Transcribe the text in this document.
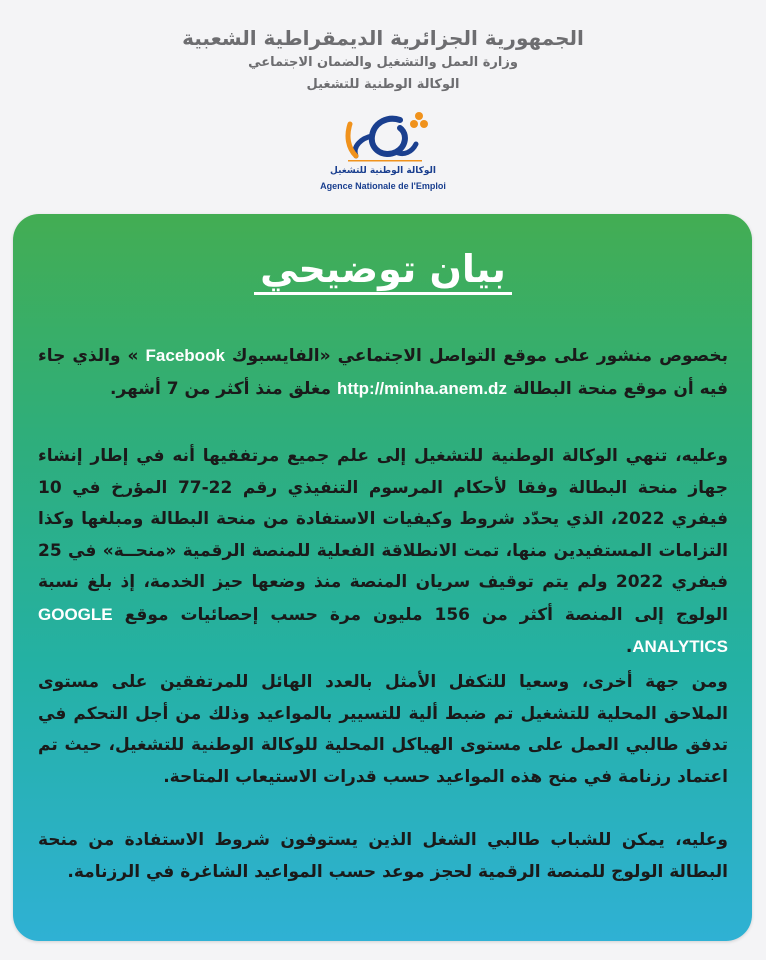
الجمهورية الجزائرية الديمقراطية الشعبية
وزارة العمل والتشغيل والضمان الاجتماعي
الوكالة الوطنية للتشغيل
الوكالة الوطنية للتشغيل
Agence Nationale de l'Emploi
بيان توضيحي
بخصوص منشور على موقع التواصل الاجتماعي «الفايسبوك Facebook » والذي جاء فيه أن موقع منحة البطالة http://minha.anem.dz مغلق منذ أكثر من 7 أشهر.
وعليه، تنهي الوكالة الوطنية للتشغيل إلى علم جميع مرتفقيها أنه في إطار إنشاء جهاز منحة البطالة وفقا لأحكام المرسوم التنفيذي رقم 22-77 المؤرخ في 10 فيفري 2022، الذي يحدّد شروط وكيفيات الاستفادة من منحة البطالة ومبلغها وكذا التزامات المستفيدين منها، تمت الانطلاقة الفعلية للمنصة الرقمية «منحــة» في 25 فيفري 2022 ولم يتم توقيف سريان المنصة منذ وضعها حيز الخدمة، إذ بلغ نسبة الولوج إلى المنصة أكثر من 156 مليون مرة حسب إحصائيات موقع GOOGLE ANALYTICS.
ومن جهة أخرى، وسعيا للتكفل الأمثل بالعدد الهائل للمرتفقين على مستوى الملاحق المحلية للتشغيل تم ضبط ألية للتسيير بالمواعيد وذلك من أجل التحكم في تدفق طالبي العمل على مستوى الهياكل المحلية للوكالة الوطنية للتشغيل، حيث تم اعتماد رزنامة في منح هذه المواعيد حسب قدرات الاستيعاب المتاحة.
وعليه، يمكن للشباب طالبي الشغل الذين يستوفون شروط الاستفادة من منحة البطالة الولوج للمنصة الرقمية لحجز موعد حسب المواعيد الشاغرة في الرزنامة.
